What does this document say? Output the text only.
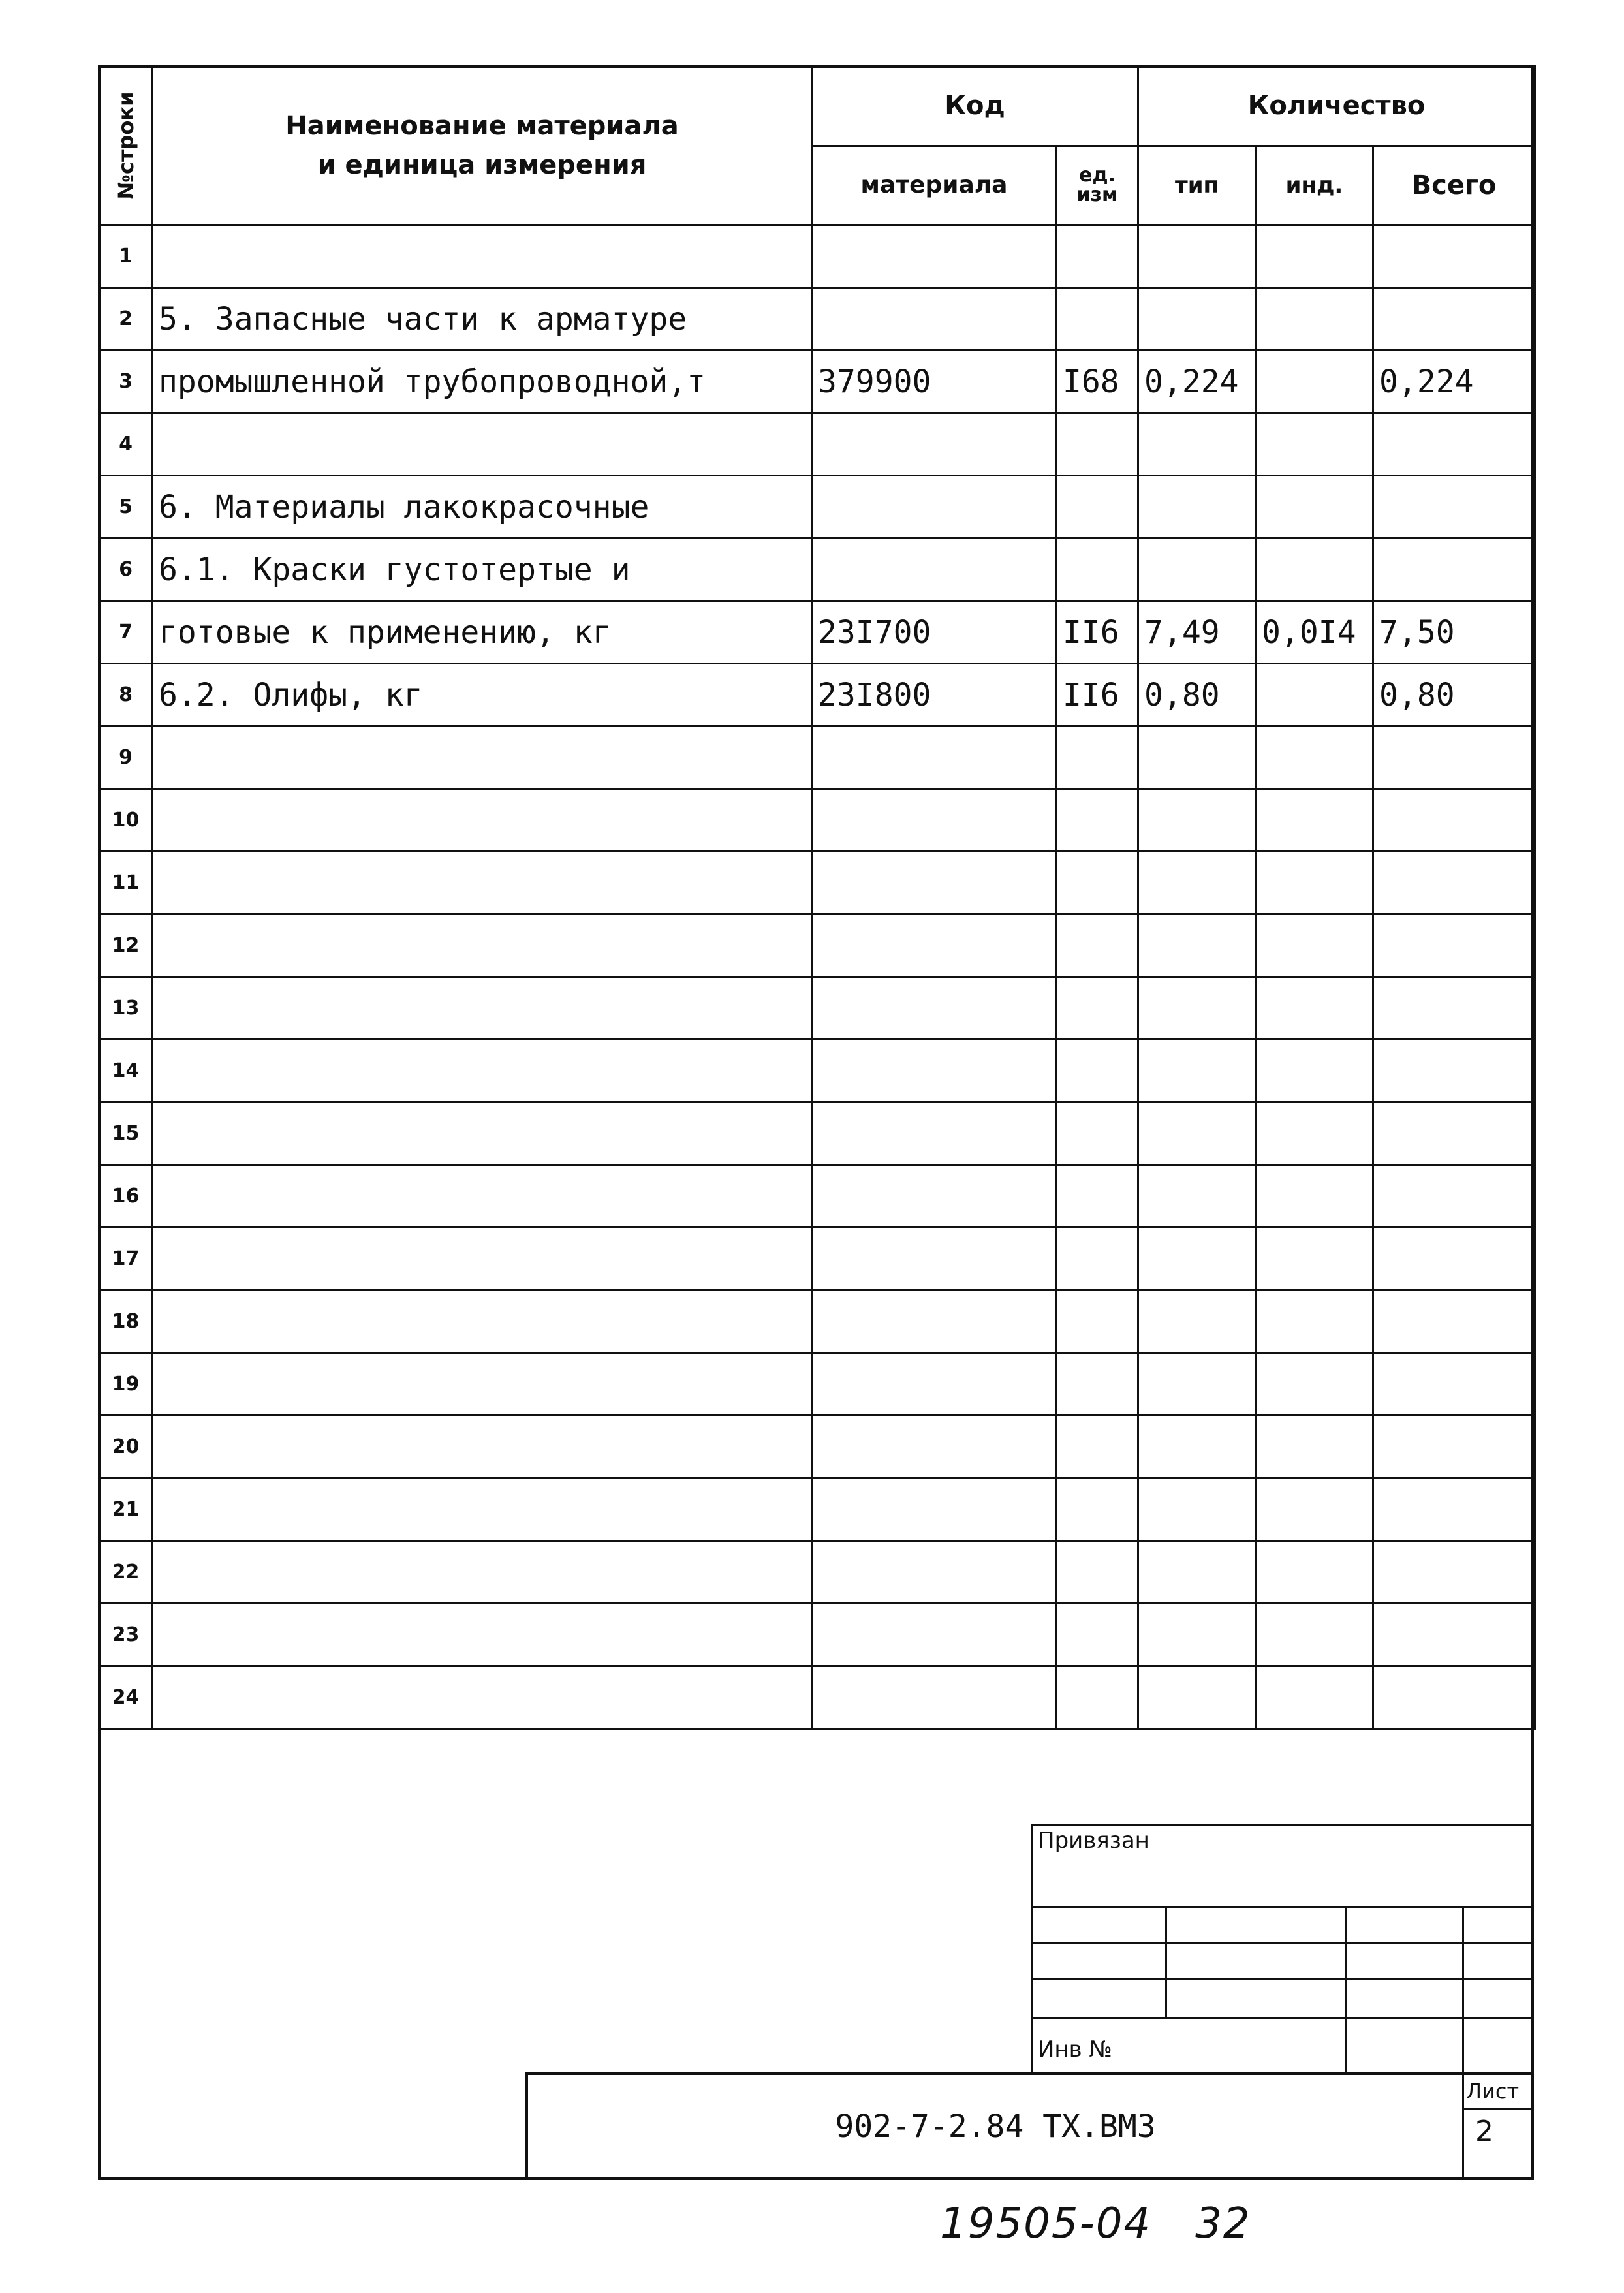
№строки	Наименование материала
и единица измерения	Код		Количество		
		материала	ед. изм	тип	инд.	Всего
1						
2	5. Запасные части к арматуре					
3	промышленной трубопроводной,т	379900	I68	0,224		0,224
4						
5	6. Материалы лакокрасочные					
6	6.1. Краски густотертые и					
7	готовые к применению, кг	23I700	II6	7,49	0,0I4	7,50
8	6.2. Олифы, кг	23I800	II6	0,80		0,80
9						
10						
11						
12						
13						
14						
15						
16						
17						
18						
19						
20						
21						
22						
23						
24						
Привязан
Инв №
Лист
2
902-7-2.84 ТХ.ВМ3
19505-04   32
